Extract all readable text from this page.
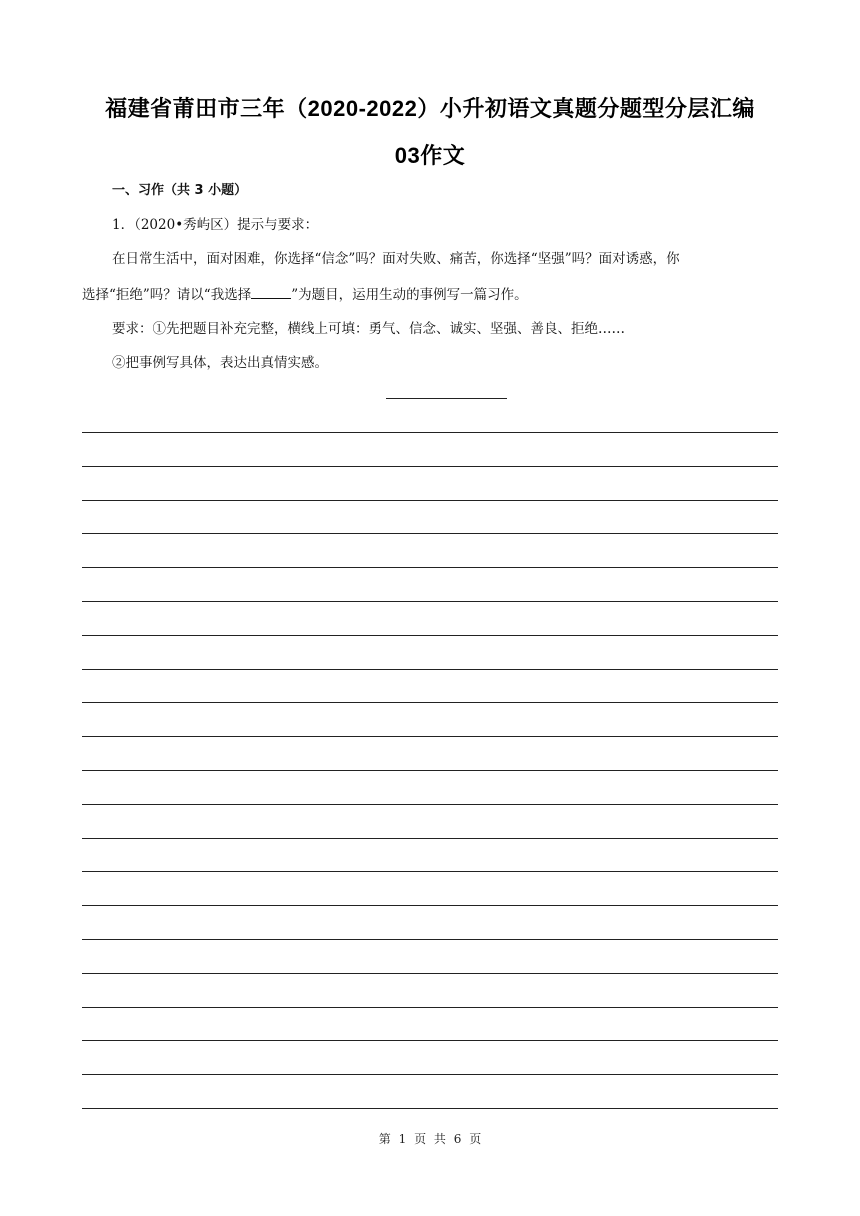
福建省莆田市三年（2020-2022）小升初语文真题分题型分层汇编
03作文
一、习作（共 3 小题）
1．（2020•秀屿区）提示与要求：
在日常生活中，面对困难，你选择“信念”吗？面对失败、痛苦，你选择“坚强”吗？面对诱惑，你
选择“拒绝”吗？请以“我选择	”为题目，运用生动的事例写一篇习作。
要求：①先把题目补充完整，横线上可填：勇气、信念、诚实、坚强、善良、拒绝……
②把事例写具体，表达出真情实感。
第 1 页 共 6 页
